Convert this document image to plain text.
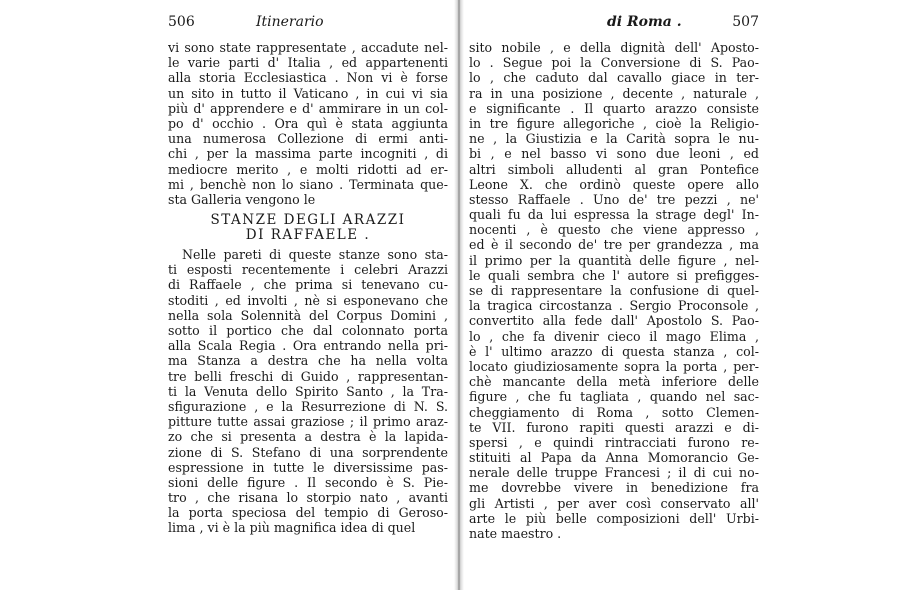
506	Itinerario
vi sono state rappresentate , accadute nel-
le varie parti d' Italia , ed appartenenti
alla storia Ecclesiastica . Non vi è forse
un sito in tutto il Vaticano , in cui vi sia
più d' apprendere e d' ammirare in un col-
po d' occhio . Ora quì è stata aggiunta
una numerosa Collezione di ermi anti-
chi , per la massima parte incogniti , di
mediocre merito , e molti ridotti ad er-
mi , benchè non lo siano . Terminata que-
sta Galleria vengono le
STANZE DEGLI ARAZZI
DI RAFFAELE .
Nelle pareti di queste stanze sono sta-
ti esposti recentemente i celebri Arazzi
di Raffaele , che prima si tenevano cu-
stoditi , ed involti , nè si esponevano che
nella sola Solennità del Corpus Domini ,
sotto il portico che dal colonnato porta
alla Scala Regia . Ora entrando nella pri-
ma Stanza a destra che ha nella volta
tre belli freschi di Guido , rappresentan-
ti la Venuta dello Spirito Santo , la Tra-
sfigurazione , e la Resurrezione di N. S.
pitture tutte assai graziose ; il primo araz-
zo che si presenta a destra è la lapida-
zione di S. Stefano di una sorprendente
espressione in tutte le diversissime pas-
sioni delle figure . Il secondo è S. Pie-
tro , che risana lo storpio nato , avanti
la porta speciosa del tempio di Geroso-
lima , vi è la più magnifica idea di quel
di Roma .	507
sito nobile , e della dignità dell' Aposto-
lo . Segue poi la Conversione di S. Pao-
lo , che caduto dal cavallo giace in ter-
ra in una posizione , decente , naturale ,
e significante . Il quarto arazzo consiste
in tre figure allegoriche , cioè la Religio-
ne , la Giustizia e la Carità sopra le nu-
bi , e nel basso vi sono due leoni , ed
altri simboli alludenti al gran Pontefice
Leone X. che ordinò queste opere allo
stesso Raffaele . Uno de' tre pezzi , ne'
quali fu da lui espressa la strage degl' In-
nocenti , è questo che viene appresso ,
ed è il secondo de' tre per grandezza , ma
il primo per la quantità delle figure , nel-
le quali sembra che l' autore si prefigges-
se di rappresentare la confusione di quel-
la tragica circostanza . Sergio Proconsole ,
convertito alla fede dall' Apostolo S. Pao-
lo , che fa divenir cieco il mago Elima ,
è l' ultimo arazzo di questa stanza , col-
locato giudiziosamente sopra la porta , per-
chè mancante della metà inferiore delle
figure , che fu tagliata , quando nel sac-
cheggiamento di Roma , sotto Clemen-
te VII. furono rapiti questi arazzi e di-
spersi , e quindi rintracciati furono re-
stituiti al Papa da Anna Momorancio Ge-
nerale delle truppe Francesi ; il di cui no-
me dovrebbe vivere in benedizione fra
gli Artisti , per aver così conservato all'
arte le più belle composizioni dell' Urbi-
nate maestro .
